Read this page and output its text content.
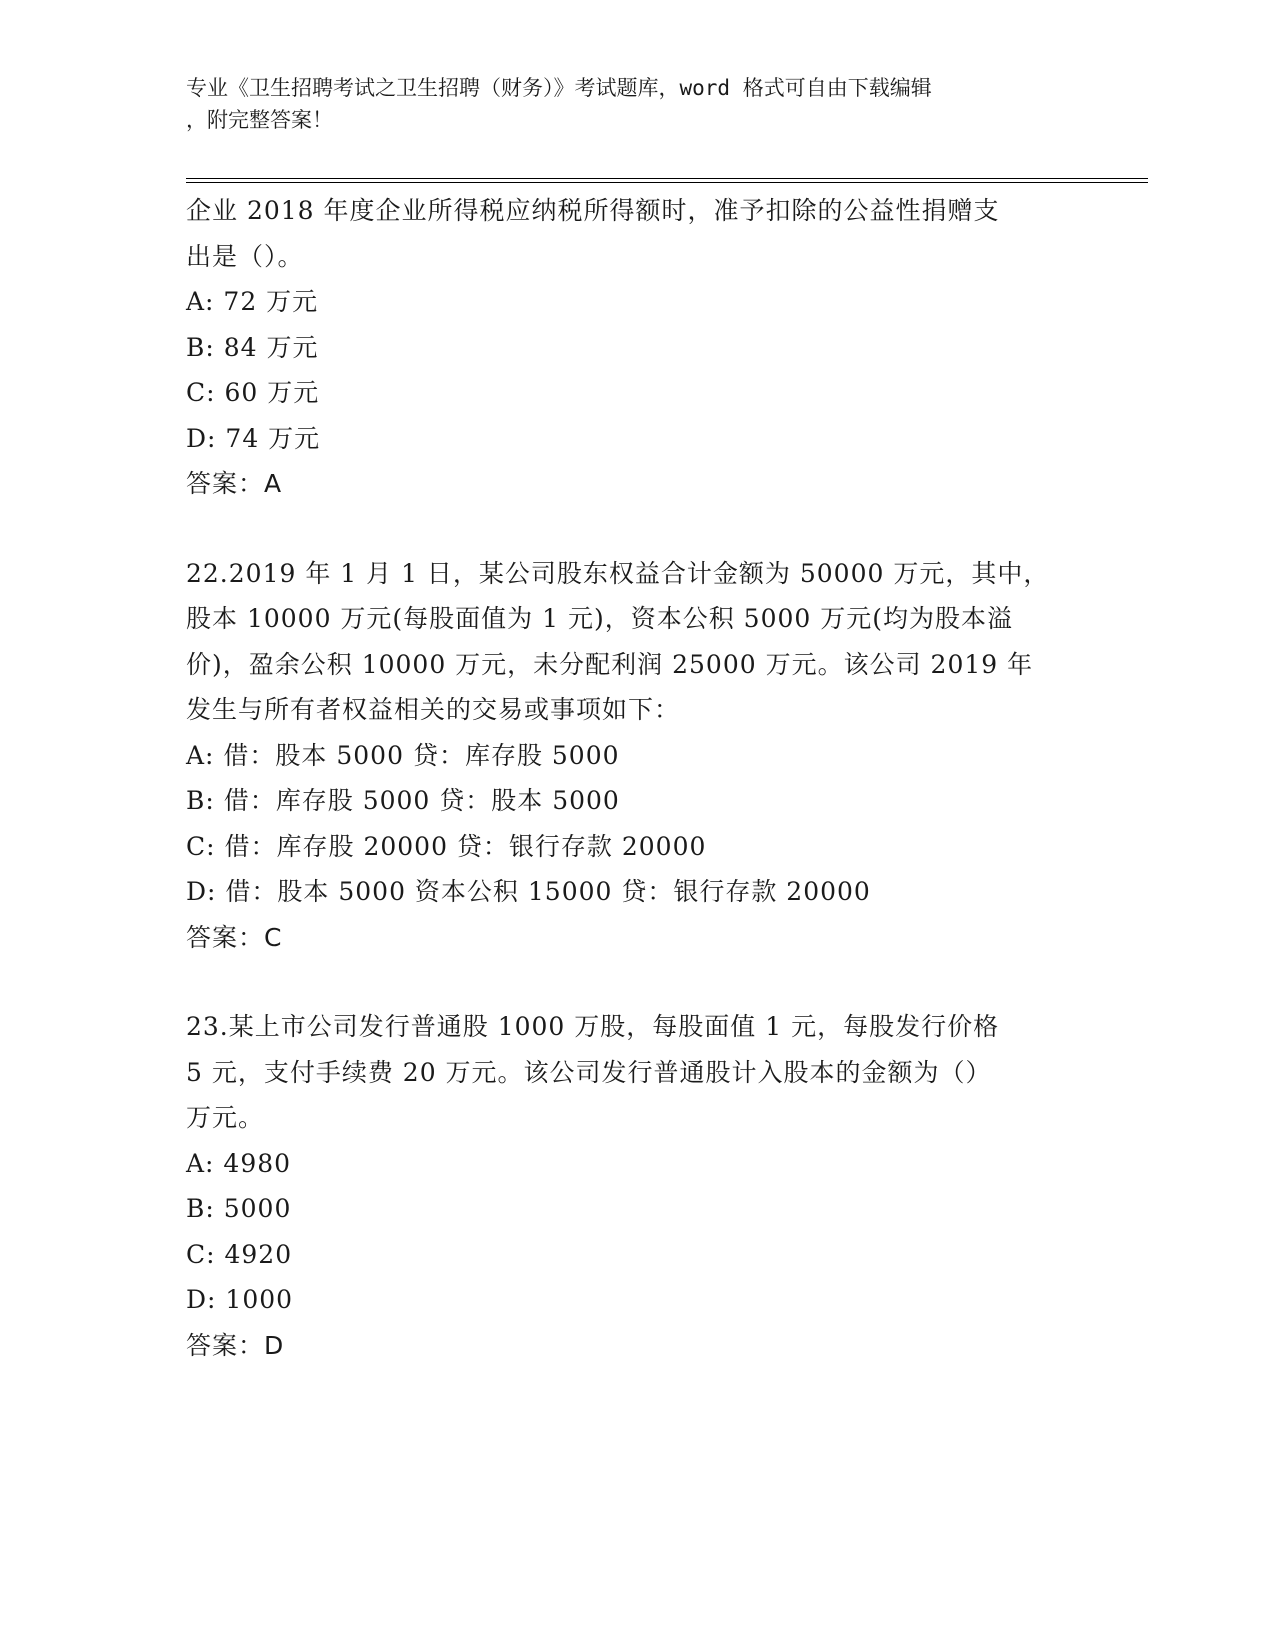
专业《卫生招聘考试之卫生招聘（财务）》考试题库，word 格式可自由下载编辑
，附完整答案！
企业 2018 年度企业所得税应纳税所得额时，准予扣除的公益性捐赠支
出是（）。
A: 72 万元
B: 84 万元
C: 60 万元
D: 74 万元
答案：A
22.2019 年 1 月 1 日，某公司股东权益合计金额为 50000 万元，其中，
股本 10000 万元(每股面值为 1 元)，资本公积 5000 万元(均为股本溢
价)，盈余公积 10000 万元，未分配利润 25000 万元。该公司 2019 年
发生与所有者权益相关的交易或事项如下：
A: 借：股本 5000 贷：库存股 5000
B: 借：库存股 5000 贷：股本 5000
C: 借：库存股 20000 贷：银行存款 20000
D: 借：股本 5000 资本公积 15000 贷：银行存款 20000
答案：C
23.某上市公司发行普通股 1000 万股，每股面值 1 元，每股发行价格
5 元，支付手续费 20 万元。该公司发行普通股计入股本的金额为（）
万元。
A: 4980
B: 5000
C: 4920
D: 1000
答案：D
